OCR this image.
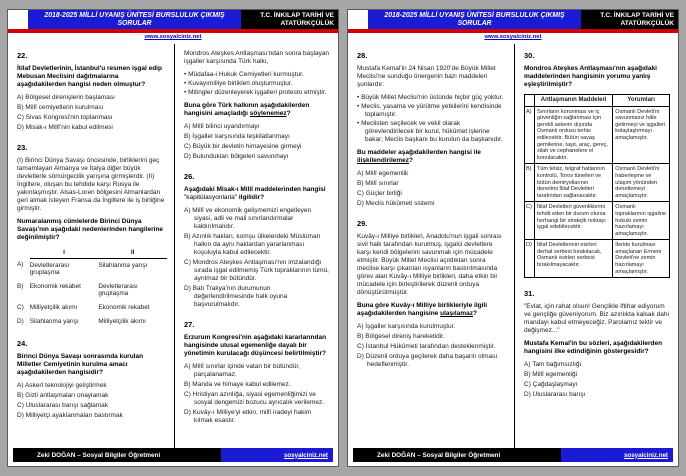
2018-2025 MİLLİ UYANIŞ ÜNİTESİ BURSLULUK ÇIKMIŞ SORULAR
T.C. İNKILAP TARİHİ VE ATATÜRKÇÜLÜK
www.sosyalciniz.net
22.

İtilaf Devletlerinin, İstanbul'u resmen işgal edip Mebusan Meclisini dağıtmalarına aşağıdakilerden hangisi neden olmuştur?

A) Bölgesel direnişlerin başlaması
B) Millî cemiyetlerin kurulması
C) Sivas Kongresi'nin toplanması
D) Misak-ı Millî'nin kabul edilmesi
23.

(I) Birinci Dünya Savaşı öncesinde, birliklerini geç tamamlayan Almanya ve İtalya diğer büyük devletlerle sömürgecilik yarışına girmişlerdir. (II) İngiltere, oluşan bu tehdide karşı Rusya ile yakınlaşmıştır. Alsas-Loren bölgesini Almanlardan geri almak isteyen Fransa da İngiltere ile iş birliğine girmiştir.

Numaralanmış cümlelerde Birinci Dünya Savaşı'nın aşağıdaki nedenlerinden hangilerine değinilmiştir?

	I	II
A)	Devletlerarası gruplaşma	Silahlanma yarışı
B)	Ekonomik rekabet	Devletlerarası gruplaşma
C)	Milliyetçilik akımı	Ekonomik rekabet
D)	Silahlanma yarışı	Milliyetçilik akımı
24.

Birinci Dünya Savaşı sonrasında kurulan Milletler Cemiyetinin kurulma amacı aşağıdakilerden hangisidir?

A) Askerî teknolojiyi geliştirmek
B) Gizli antlaşmaları onaylamak
C) Uluslararası barışı sağlamak
D) Milliyetçi ayaklanmaları bastırmak

Mondros Ateşkes Antlaşması'ndan sonra başlayan işgaller karşısında Türk halkı,

• Müdafaa-i Hukuk Cemiyetleri kurmuştur.
• Kuvayımilliye birlikleri oluşturmuştur.
• Mitingler düzenleyerek işgalleri protesto etmiştir.

Buna göre Türk halkının aşağıdakilerden hangisini amaçladığı söylenemez?

A) Millî bilinci uyandırmayı
B) İşgaller karşısında teşkilatlanmayı
C) Büyük bir devletin himayesine girmeyi
D) Bulundukları bölgeleri savunmayı
26.

Aşağıdaki Misak-ı Millî maddelerinden hangisi "kapitülasyonlarla" ilgilidir?

A) Millî ve ekonomik gelişmemizi engelleyen siyasi, adli ve mali sınırlandırmalar kaldırılmalıdır.
B) Azınlık hakları, komşu ülkelerdeki Müslüman halkın da aynı haklardan yararlanması koşuluyla kabul edilecektir.
C) Mondros Ateşkes Antlaşması'nın imzalandığı sırada işgal edilmemiş Türk topraklarının tümü, ayrılmaz bir bütündür.
D) Batı Trakya'nın durumunun değerlendirilmesinde halk oyuna başvurulmalıdır.
27.

Erzurum Kongresi'nin aşağıdaki kararlarından hangisinde ulusal egemenliğe dayalı bir yönetimin kurulacağı düşüncesi belirtilmiştir?

A) Millî sınırlar içinde vatan bir bütündür, parçalanamaz.
B) Manda ve himaye kabul edilemez.
C) Hristiyan azınlığa, siyasi egemenliğimizi ve sosyal dengemizi bozucu ayrıcalık verilemez.
D) Kuvây-ı Milliye'yi etkin, millî iradeyi hakim kılmak esastır.
Zeki DOĞAN – Sosyal Bilgiler Öğretmeni	sosyalciniz.net
2018-2025 MİLLİ UYANIŞ ÜNİTESİ BURSLULUK ÇIKMIŞ SORULAR
T.C. İNKILAP TARİHİ VE ATATÜRKÇÜLÜK
www.sosyalciniz.net
28.

Mustafa Kemal'in 24 Nisan 1920'de Büyük Millet Meclisi'ne sunduğu önergenin bazı maddeleri şunlardır:

• Büyük Millet Meclisi'nin üstünde hiçbir güç yoktur.
• Meclis, yasama ve yürütme yetkilerini kendisinde toplamıştır.
• Meclisten seçilecek ve vekil olarak görevlendirilecek bir kurul, hükûmet işlerine bakar; Meclis başkanı bu kurulun da başkanıdır.

Bu maddeler aşağıdakilerden hangisi ile ilişkilendirilemez?

A) Millî egemenlik
B) Millî sınırlar
C) Güçler birliği
D) Meclis hükûmeti sistemi
29.

Kuvây-ı Milliye birlikleri, Anadolu'nun işgali sonrası sivil halk tarafından kurulmuş, işgalci devletlere karşı kendi bölgelerini savunmak için mücadele etmiştir. Büyük Millet Meclisi açıldıktan sonra meclise karşı çıkarılan isyanların bastırılmasında görev alan Kuvây-ı Milliye birlikleri, daha etkin bir mücadele için birleştirilerek düzenli orduya dönüştürülmüştür.

Buna göre Kuvây-ı Milliye birlikleriyle ilgili aşağıdakilerden hangisine ulaşılamaz?

A) İşgaller karşısında kurulmuştur.
B) Bölgesel direniş hareketidir.
C) İstanbul Hükûmeti tarafından desteklenmiştir.
D) Düzenli orduya geçilerek daha başarılı olması hedeflenmiştir.
30.

Mondros Ateşkes Antlaşması'nın aşağıdaki maddelerinden hangisinin yorumu yanlış eşleştirilmiştir?

	Antlaşmanın Maddeleri	Yorumları
A)	Sınırların korunması ve iç güvenliğin sağlanması için gerekli askerin dışında Osmanlı ordusu terhis edilecektir. Bütün savaş gemilerine, taşıt, araç, gereç, silah ve cephanelere el konulacaktır.	Osmanlı Devleti'ni savunmasız hâle getirmeyi ve işgalleri kolaylaştırmayı amaçlamıştır.
B)	Tüm telsiz, telgraf hatlarının kontrolü, Toros tünelleri ve bütün demiryollarının denetimi İtilaf Devletleri tarafından sağlanacaktır.	Osmanlı Devleti'ni haberleşme ve ulaşım yönünden denetlemeyi amaçlamıştır.
C)	İtilaf Devletleri güvenliklerini tehdit eden bir durum olursa herhangi bir stratejik noktayı işgal edebilecektir.	Osmanlı topraklarının işgaline hukuki zemin hazırlamayı amaçlamıştır.
D)	İtilaf Devletlerinin esirleri derhal serbest bırakılacak, Osmanlı esirleri serbest bırakılmayacaktır.	İleride kurulması amaçlanan Ermeni Devleti'ne zemin hazırlamayı amaçlamıştır.
31.

"Evlat, için rahat olsun! Gençlikle iftihar ediyorum ve gençliğe güveniyorum. Biz azınlıkta kalsak dahi mandayı kabul etmeyeceğiz. Parolamız tektir ve değişmez..."

Mustafa Kemal'in bu sözleri, aşağıdakilerden hangisini ilke edindiğinin göstergesidir?

A) Tam bağımsızlığı
B) Millî egemenliği
C) Çağdaşlaşmayı
D) Uluslararası barışı
Zeki DOĞAN – Sosyal Bilgiler Öğretmeni	sosyalciniz.net
